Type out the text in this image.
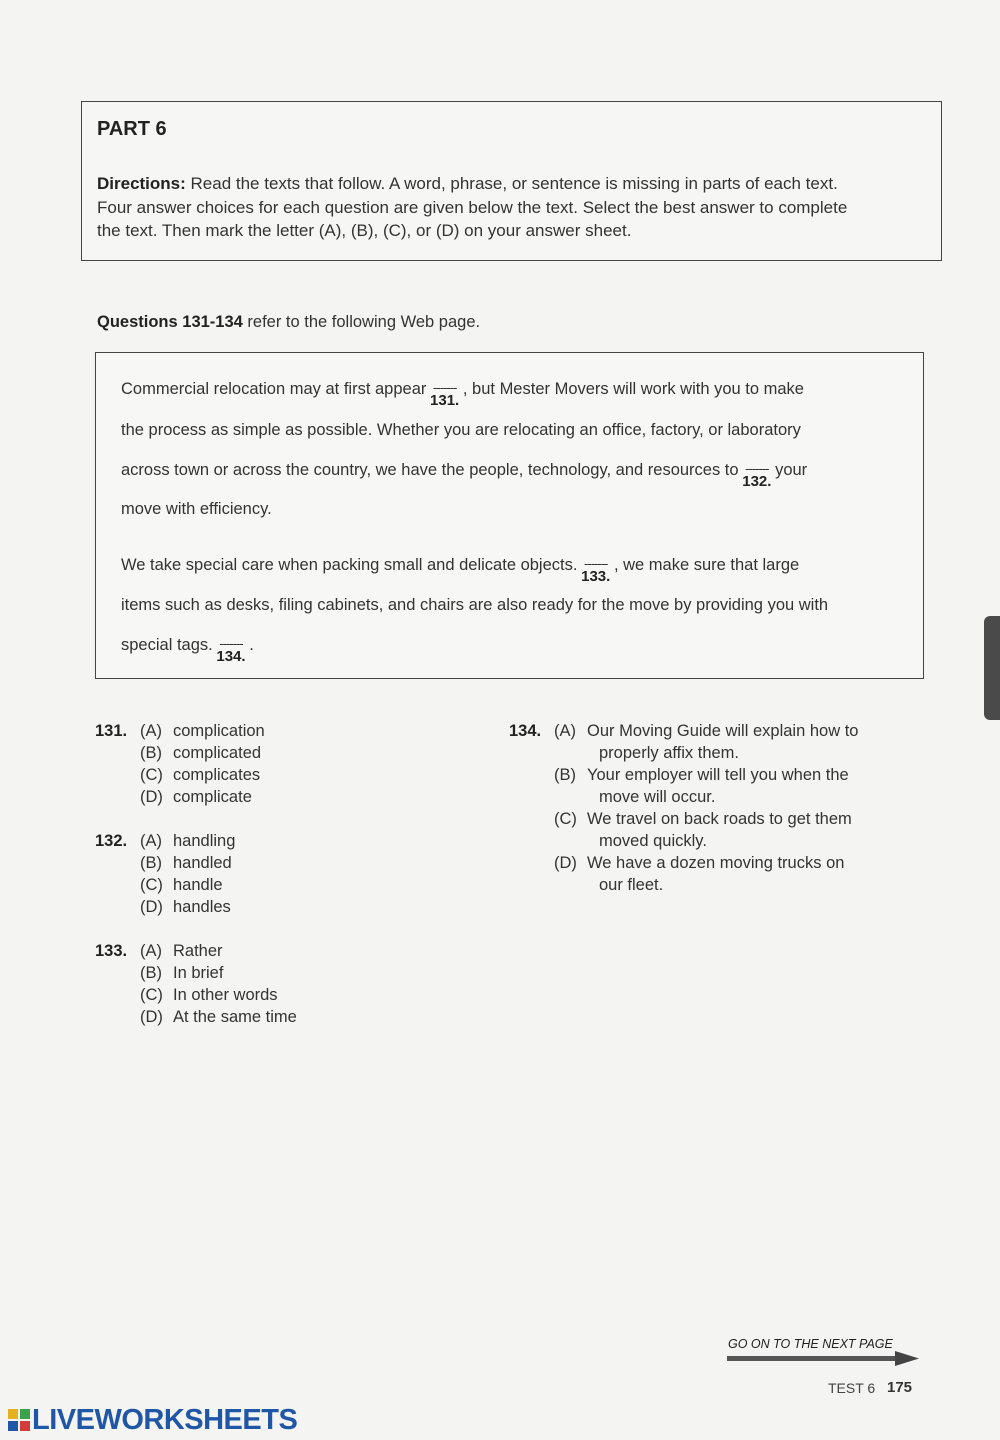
PART 6
Directions: Read the texts that follow. A word, phrase, or sentence is missing in parts of each text.
Four answer choices for each question are given below the text. Select the best answer to complete
the text. Then mark the letter (A), (B), (C), or (D) on your answer sheet.
Questions 131-134 refer to the following Web page.
Commercial relocation may at first appear -------
131.
, but Mester Movers will work with you to make
the process as simple as possible. Whether you are relocating an office, factory, or laboratory
across town or across the country, we have the people, technology, and resources to -------
132.
your
move with efficiency.
We take special care when packing small and delicate objects. -------
133.
, we make sure that large
items such as desks, filing cabinets, and chairs are also ready for the move by providing you with
special tags. -------
134.
.
131. (A) complication
(B) complicated
(C) complicates
(D) complicate
132. (A) handling
(B) handled
(C) handle
(D) handles
133. (A) Rather
(B) In brief
(C) In other words
(D) At the same time
134. (A) Our Moving Guide will explain how to
properly affix them.
(B) Your employer will tell you when the
move will occur.
(C) We travel on back roads to get them
moved quickly.
(D) We have a dozen moving trucks on
our fleet.
GO ON TO THE NEXT PAGE
TEST 6 175
LIVEWORKSHEETS
